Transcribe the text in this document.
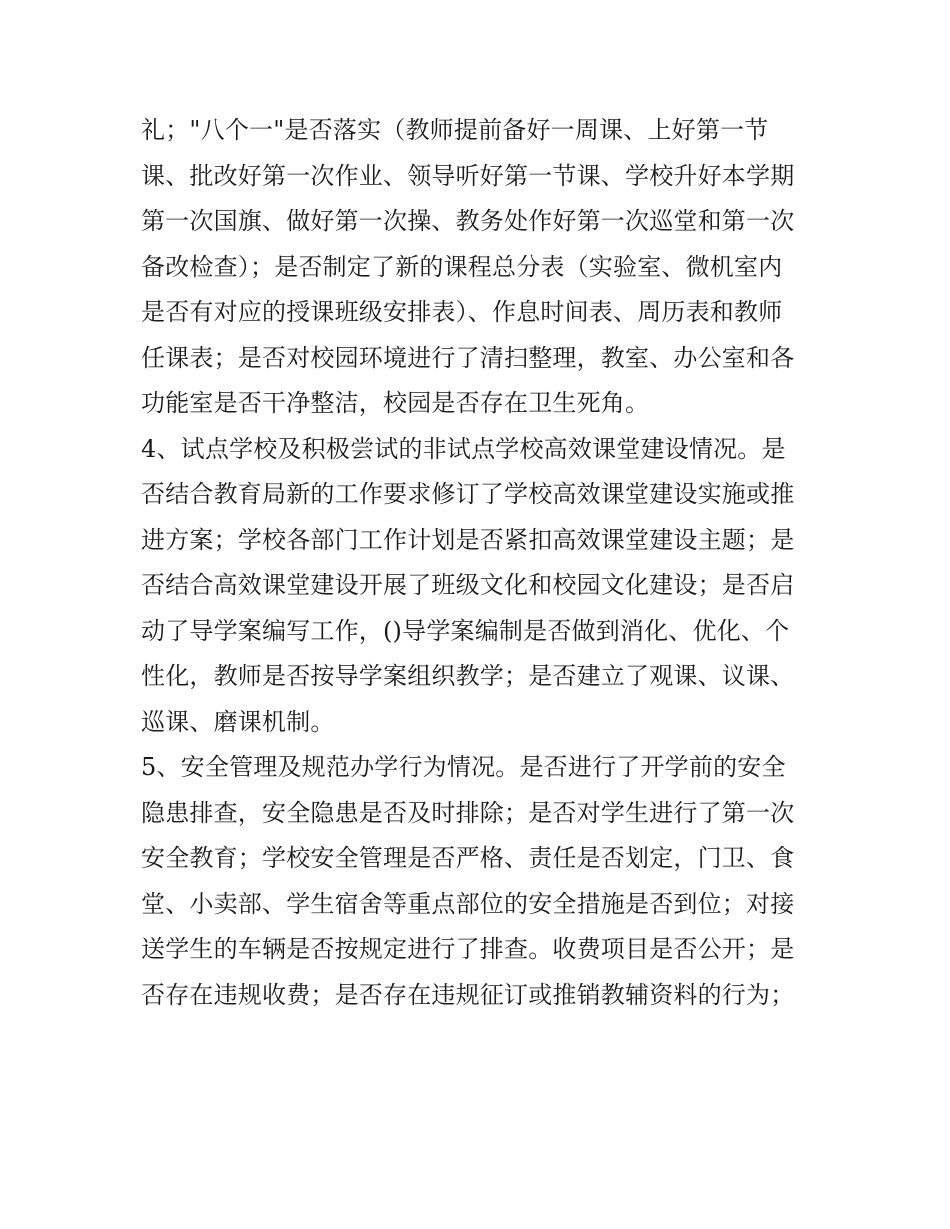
礼；"八个一"是否落实（教师提前备好一周课、上好第一节
课、批改好第一次作业、领导听好第一节课、学校升好本学期
第一次国旗、做好第一次操、教务处作好第一次巡堂和第一次
备改检查）；是否制定了新的课程总分表（实验室、微机室内
是否有对应的授课班级安排表）、作息时间表、周历表和教师
任课表；是否对校园环境进行了清扫整理，教室、办公室和各
功能室是否干净整洁，校园是否存在卫生死角。
4、试点学校及积极尝试的非试点学校高效课堂建设情况。是
否结合教育局新的工作要求修订了学校高效课堂建设实施或推
进方案；学校各部门工作计划是否紧扣高效课堂建设主题；是
否结合高效课堂建设开展了班级文化和校园文化建设；是否启
动了导学案编写工作，()导学案编制是否做到消化、优化、个
性化，教师是否按导学案组织教学；是否建立了观课、议课、
巡课、磨课机制。
5、安全管理及规范办学行为情况。是否进行了开学前的安全
隐患排查，安全隐患是否及时排除；是否对学生进行了第一次
安全教育；学校安全管理是否严格、责任是否划定，门卫、食
堂、小卖部、学生宿舍等重点部位的安全措施是否到位；对接
送学生的车辆是否按规定进行了排查。收费项目是否公开；是
否存在违规收费；是否存在违规征订或推销教辅资料的行为；
